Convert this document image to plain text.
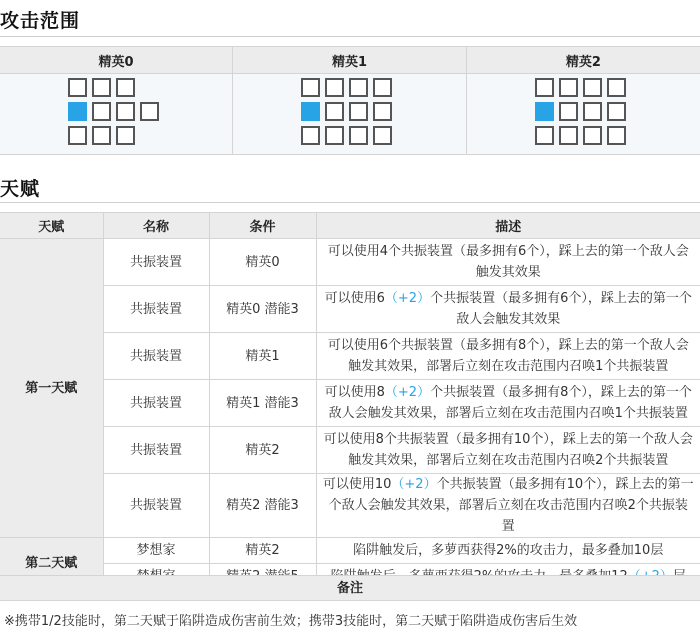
攻击范围
精英0	精英1	精英2

天赋
天赋	名称	条件	描述
第一天赋	共振装置	精英0	可以使用4个共振装置（最多拥有6个），踩上去的第一个敌人会触发其效果
	共振装置	精英0 潜能3	可以使用6（+2）个共振装置（最多拥有6个），踩上去的第一个敌人会触发其效果
	共振装置	精英1	可以使用6个共振装置（最多拥有8个），踩上去的第一个敌人会触发其效果，部署后立刻在攻击范围内召唤1个共振装置
	共振装置	精英1 潜能3	可以使用8（+2）个共振装置（最多拥有8个），踩上去的第一个敌人会触发其效果，部署后立刻在攻击范围内召唤1个共振装置
	共振装置	精英2	可以使用8个共振装置（最多拥有10个），踩上去的第一个敌人会触发其效果，部署后立刻在攻击范围内召唤2个共振装置
	共振装置	精英2 潜能3	可以使用10（+2）个共振装置（最多拥有10个），踩上去的第一个敌人会触发其效果，部署后立刻在攻击范围内召唤2个共振装置
第二天赋	梦想家	精英2	陷阱触发后，多萝西获得2%的攻击力，最多叠加10层

备注
※携带1/2技能时，第二天赋于陷阱造成伤害前生效；携带3技能时，第二天赋于陷阱造成伤害后生效
